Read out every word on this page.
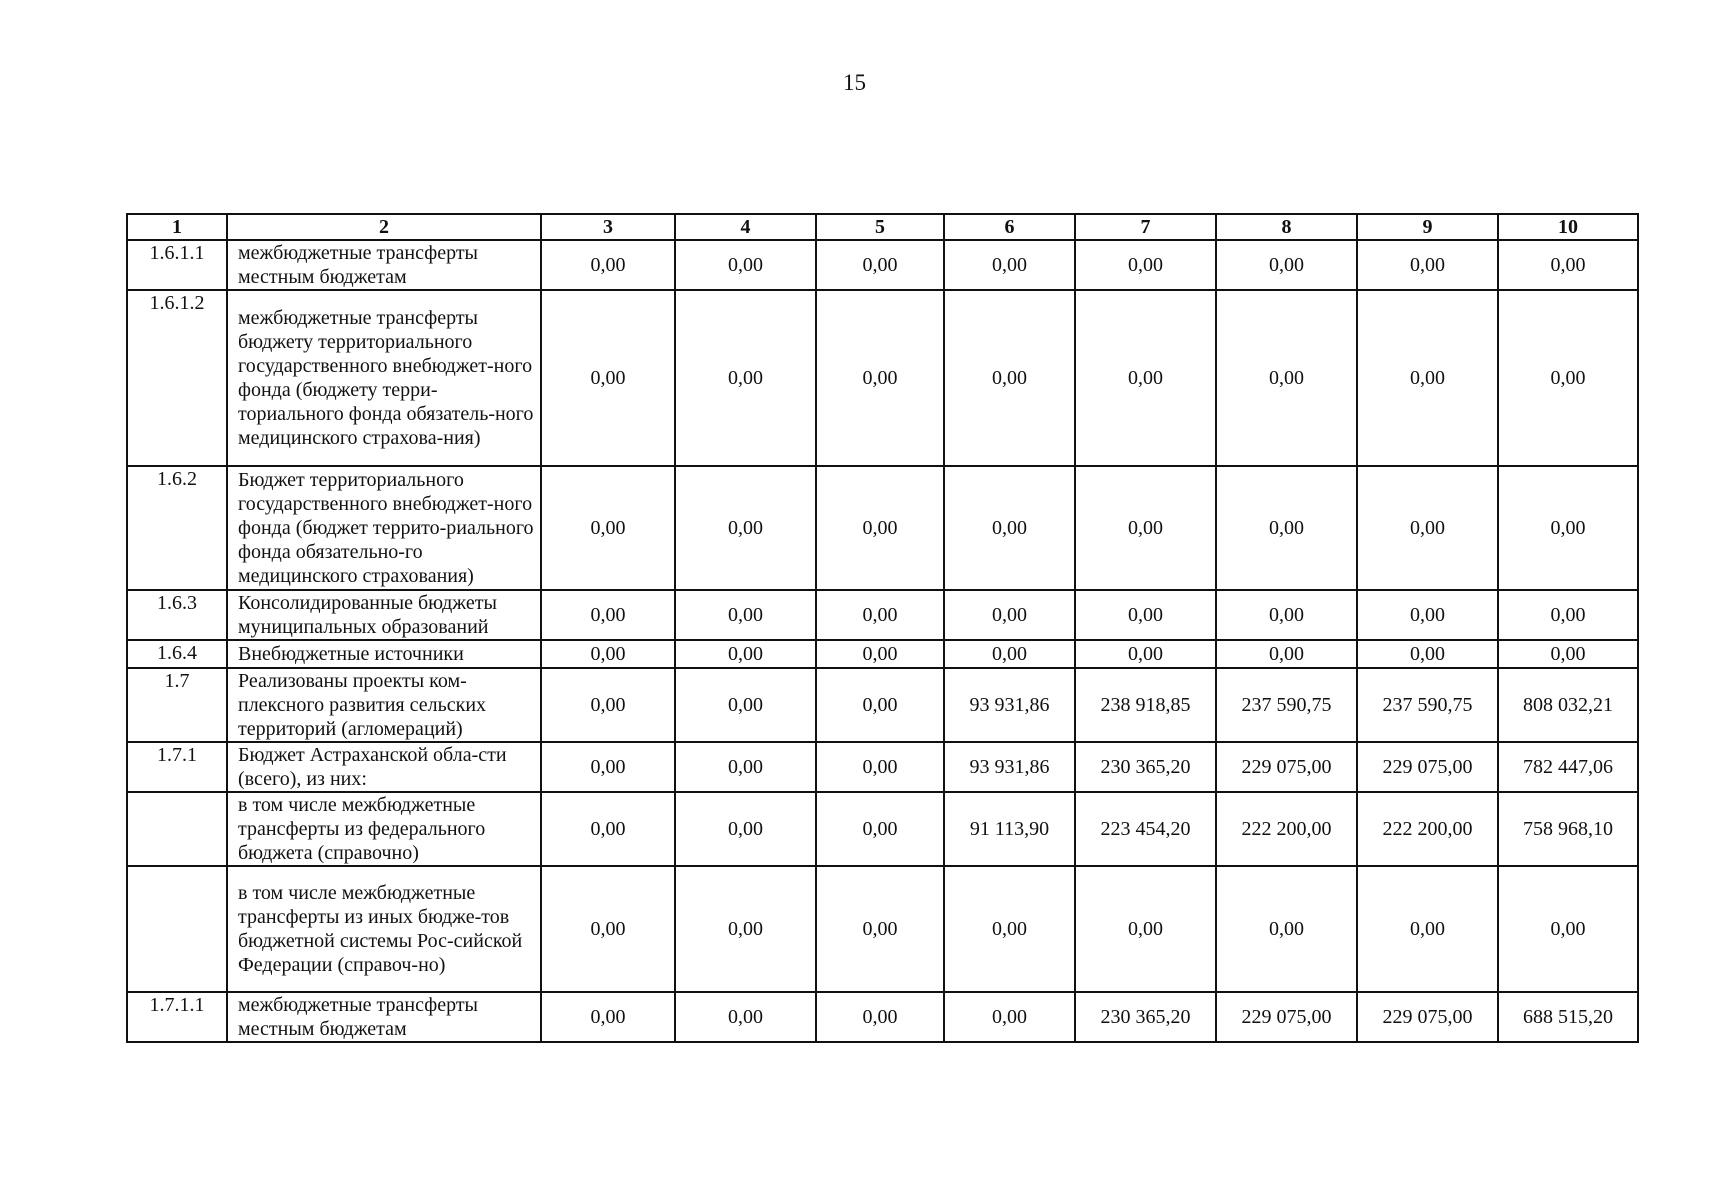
15
1	2	3	4	5	6	7	8	9	10
1.6.1.1	межбюджетные трансферты местным бюджетам	0,00	0,00	0,00	0,00	0,00	0,00	0,00	0,00
1.6.1.2	межбюджетные трансферты бюджету территориального государственного внебюджет-ного фонда (бюджету терри-ториального фонда обязатель-ного медицинского страхова-ния)	0,00	0,00	0,00	0,00	0,00	0,00	0,00	0,00
1.6.2	Бюджет территориального государственного внебюджет-ного фонда (бюджет террито-риального фонда обязательно-го медицинского страхования)	0,00	0,00	0,00	0,00	0,00	0,00	0,00	0,00
1.6.3	Консолидированные бюджеты муниципальных образований	0,00	0,00	0,00	0,00	0,00	0,00	0,00	0,00
1.6.4	Внебюджетные источники	0,00	0,00	0,00	0,00	0,00	0,00	0,00	0,00
1.7	Реализованы проекты ком-плексного развития сельских территорий (агломераций)	0,00	0,00	0,00	93 931,86	238 918,85	237 590,75	237 590,75	808 032,21
1.7.1	Бюджет Астраханской обла-сти (всего), из них:	0,00	0,00	0,00	93 931,86	230 365,20	229 075,00	229 075,00	782 447,06
	в том числе межбюджетные трансферты из федерального бюджета (справочно)	0,00	0,00	0,00	91 113,90	223 454,20	222 200,00	222 200,00	758 968,10
	в том числе межбюджетные трансферты из иных бюдже-тов бюджетной системы Рос-сийской Федерации (справоч-но)	0,00	0,00	0,00	0,00	0,00	0,00	0,00	0,00
1.7.1.1	межбюджетные трансферты местным бюджетам	0,00	0,00	0,00	0,00	230 365,20	229 075,00	229 075,00	688 515,20
